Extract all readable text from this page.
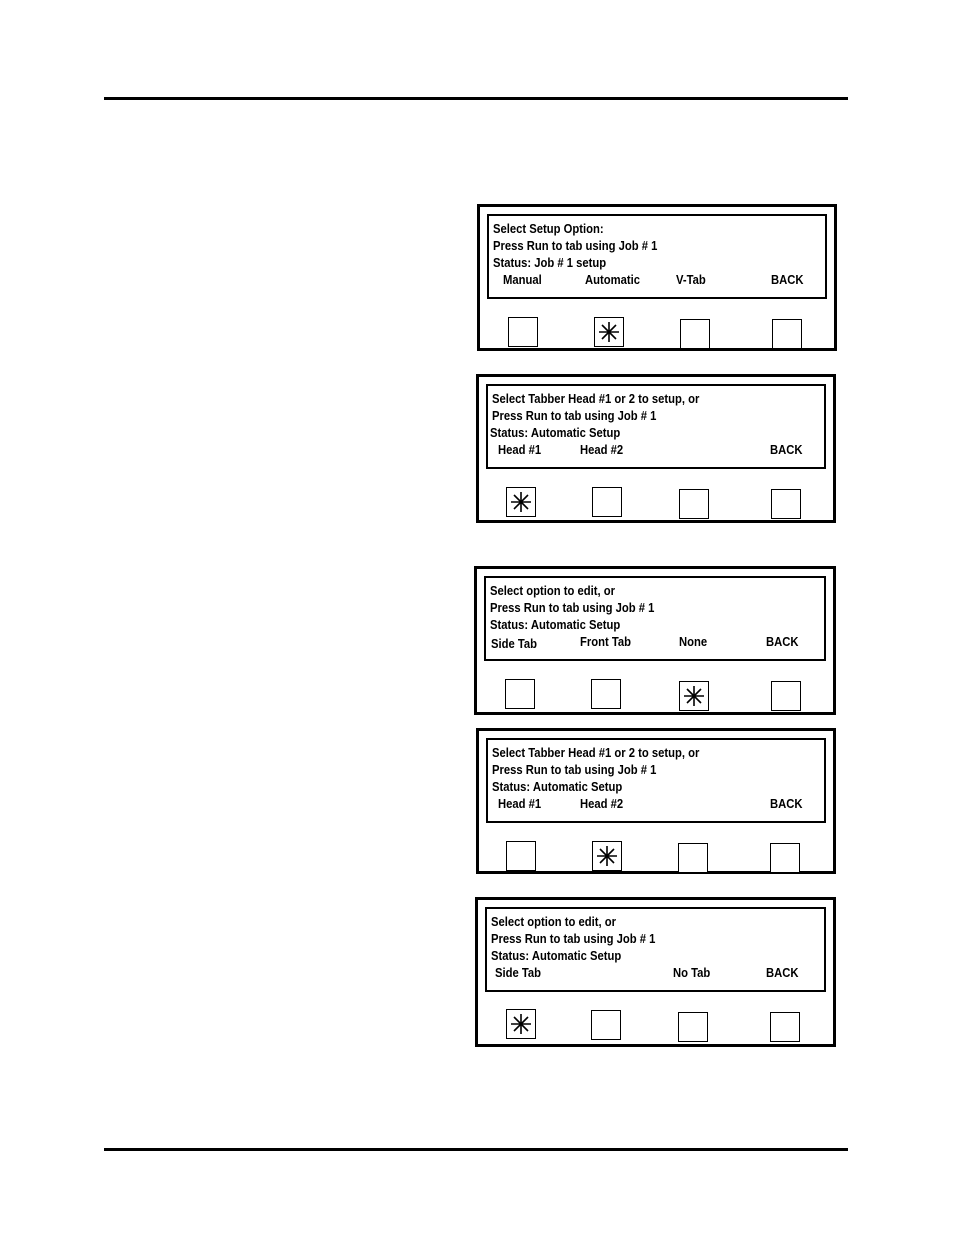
Select Setup Option:
Press Run to tab using Job # 1
Status: Job # 1 setup
Manual	Automatic	V-Tab	BACK
Select Tabber Head #1 or 2 to setup, or
Press Run to tab using Job # 1
Status: Automatic Setup
Head #1	Head #2	BACK
Select option to edit, or
Press Run to tab using Job # 1
Status: Automatic Setup
Side Tab	Front Tab	None	BACK
Select Tabber Head #1 or 2 to setup, or
Press Run to tab using Job # 1
Status: Automatic Setup
Head #1	Head #2	BACK
Select option to edit, or
Press Run to tab using Job # 1
Status: Automatic Setup
Side Tab	No Tab	BACK
